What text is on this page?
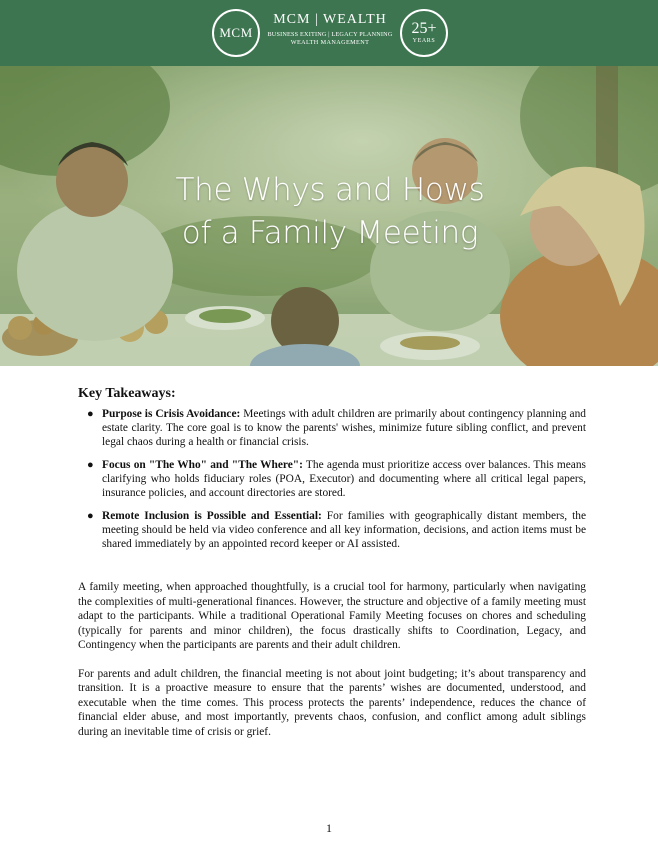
MCM
MCM | WEALTH
BUSINESS EXITING | LEGACY PLANNING
WEALTH MANAGEMENT
25+
YEARS
The Whys and Hows
of a Family Meeting
Key Takeaways:
● Purpose is Crisis Avoidance: Meetings with adult children are primarily about contingency planning and estate clarity. The core goal is to know the parents' wishes, minimize future sibling conflict, and prevent legal chaos during a health or financial crisis.
● Focus on "The Who" and "The Where": The agenda must prioritize access over balances. This means clarifying who holds fiduciary roles (POA, Executor) and documenting where all critical legal papers, insurance policies, and account directories are stored.
● Remote Inclusion is Possible and Essential: For families with geographically distant members, the meeting should be held via video conference and all key information, decisions, and action items must be shared immediately by an appointed record keeper or AI assisted.

A family meeting, when approached thoughtfully, is a crucial tool for harmony, particularly when navigating the complexities of multi-generational finances. However, the structure and objective of a family meeting must adapt to the participants. While a traditional Operational Family Meeting focuses on chores and scheduling (typically for parents and minor children), the focus drastically shifts to Coordination, Legacy, and Contingency when the participants are parents and their adult children.

For parents and adult children, the financial meeting is not about joint budgeting; it’s about transparency and transition. It is a proactive measure to ensure that the parents’ wishes are documented, understood, and executable when the time comes. This process protects the parents’ independence, reduces the chance of financial elder abuse, and most importantly, prevents chaos, confusion, and conflict among adult siblings during an inevitable time of crisis or grief.

1
